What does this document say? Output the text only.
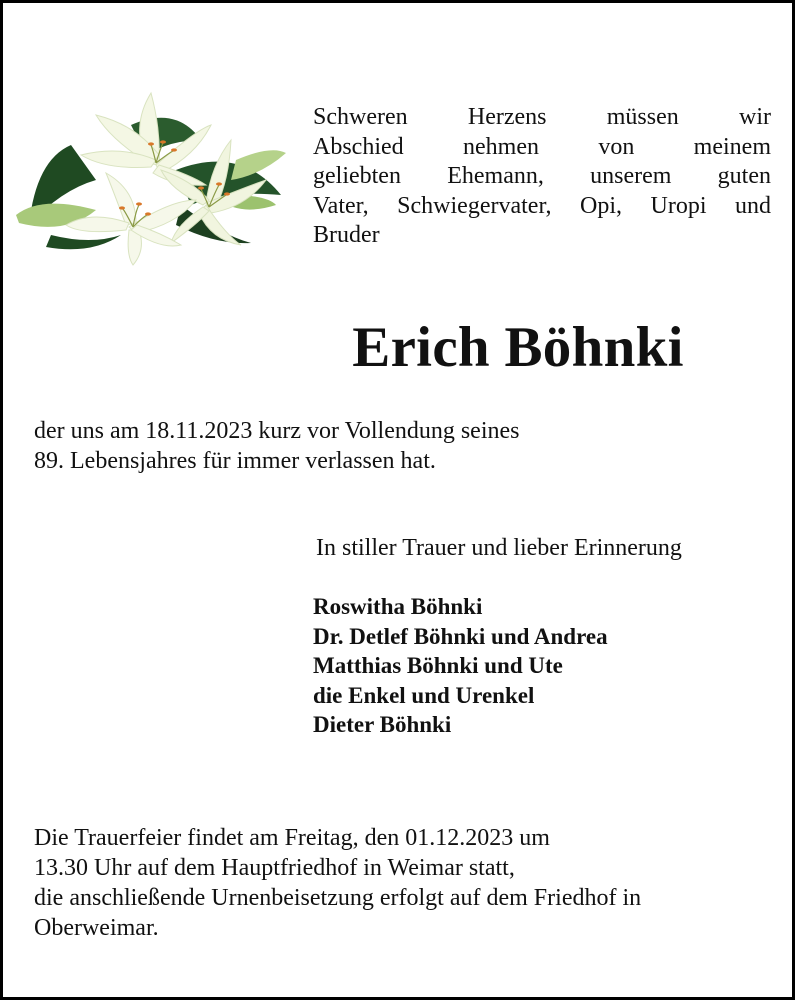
Schweren Herzens müssen wir
Abschied nehmen von meinem
geliebten Ehemann, unserem guten
Vater, Schwiegervater, Opi, Uropi und
Bruder
Erich Böhnki
der uns am 18.11.2023 kurz vor Vollendung seines
89. Lebensjahres für immer verlassen hat.
In stiller Trauer und lieber Erinnerung
Roswitha Böhnki
Dr. Detlef Böhnki und Andrea
Matthias Böhnki und Ute
die Enkel und Urenkel
Dieter Böhnki
Die Trauerfeier findet am Freitag, den 01.12.2023 um
13.30 Uhr auf dem Hauptfriedhof in Weimar statt,
die anschließende Urnenbeisetzung erfolgt auf dem Friedhof in
Oberweimar.
